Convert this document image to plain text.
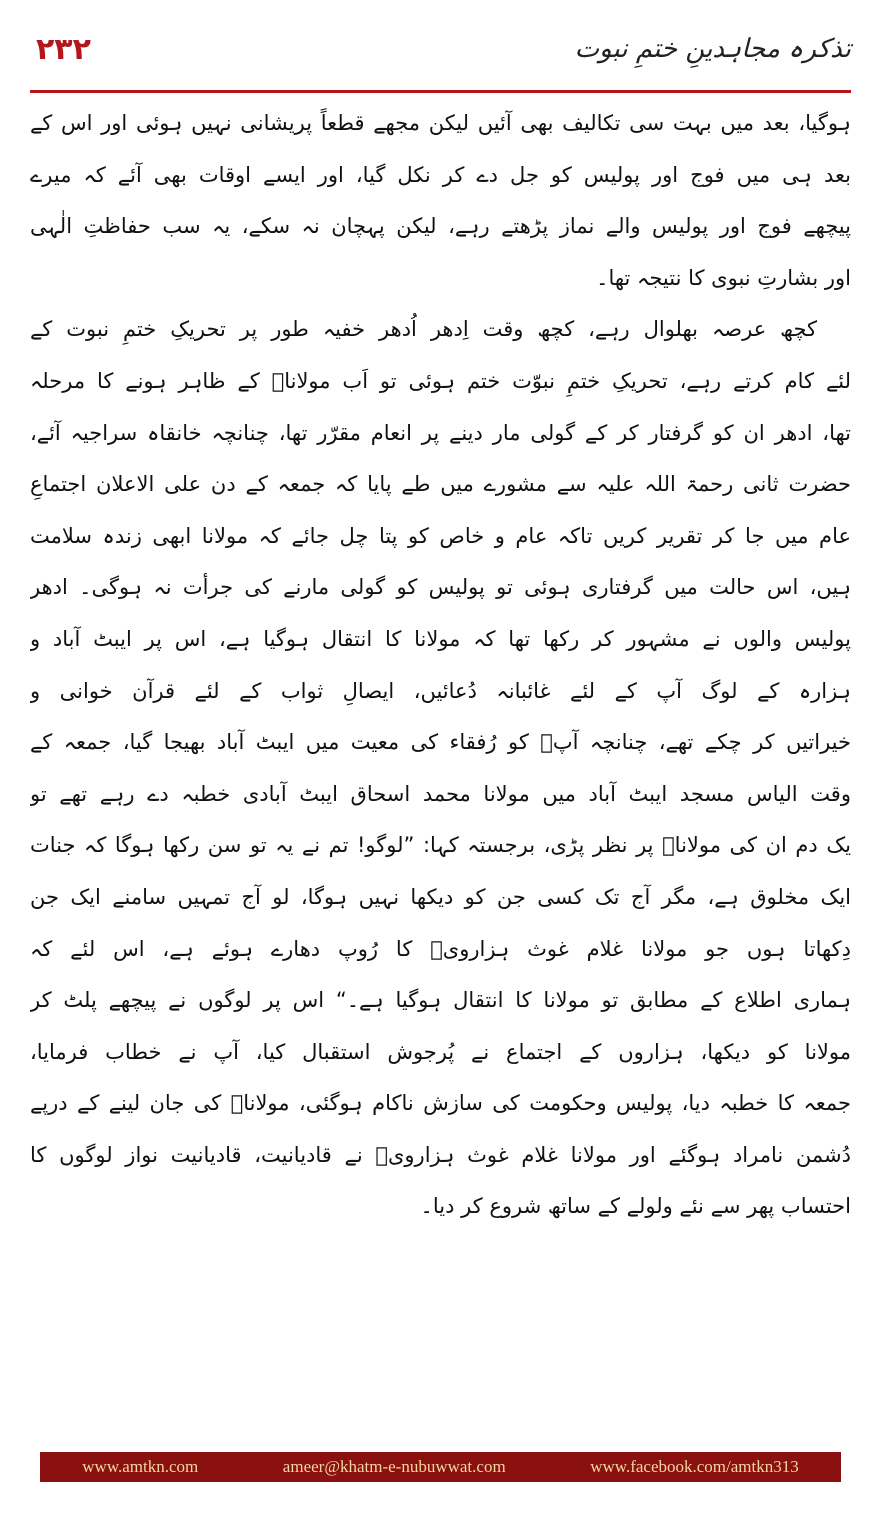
۲۳۲	تذکرہ مجاہدینِ ختمِ نبوت
ہوگیا، بعد میں بہت سی تکالیف بھی آئیں لیکن مجھے قطعاً پریشانی نہیں ہوئی اور اس کے
بعد ہی میں فوج اور پولیس کو جل دے کر نکل گیا، اور ایسے اوقات بھی آئے کہ میرے
پیچھے فوج اور پولیس والے نماز پڑھتے رہے، لیکن پہچان نہ سکے، یہ سب حفاظتِ الٰہی
اور بشارتِ نبوی کا نتیجہ تھا۔
کچھ عرصہ بھلوال رہے، کچھ وقت اِدھر اُدھر خفیہ طور پر تحریکِ ختمِ نبوت کے
لئے کام کرتے رہے، تحریکِ ختمِ نبوّت ختم ہوئی تو اَب مولاناؒ کے ظاہر ہونے کا مرحلہ
تھا، ادھر ان کو گرفتار کر کے گولی مار دینے پر انعام مقرّر تھا، چنانچہ خانقاہ سراجیہ آئے،
حضرت ثانی رحمۃ اللہ علیہ سے مشورے میں طے پایا کہ جمعہ کے دن علی الاعلان اجتماعِ
عام میں جا کر تقریر کریں تاکہ عام و خاص کو پتا چل جائے کہ مولانا ابھی زندہ سلامت
ہیں، اس حالت میں گرفتاری ہوئی تو پولیس کو گولی مارنے کی جرأت نہ ہوگی۔ ادھر
پولیس والوں نے مشہور کر رکھا تھا کہ مولانا کا انتقال ہوگیا ہے، اس پر ایبٹ آباد و
ہزارہ کے لوگ آپ کے لئے غائبانہ دُعائیں، ایصالِ ثواب کے لئے قرآن خوانی و
خیراتیں کر چکے تھے، چنانچہ آپؒ کو رُفقاء کی معیت میں ایبٹ آباد بھیجا گیا، جمعہ کے
وقت الیاس مسجد ایبٹ آباد میں مولانا محمد اسحاق ایبٹ آبادی خطبہ دے رہے تھے تو
یک دم ان کی مولاناؒ پر نظر پڑی، برجستہ کہا: ”لوگو! تم نے یہ تو سن رکھا ہوگا کہ جنات
ایک مخلوق ہے، مگر آج تک کسی جن کو دیکھا نہیں ہوگا، لو آج تمہیں سامنے ایک جن
دِکھاتا ہوں جو مولانا غلام غوث ہزارویؒ کا رُوپ دھارے ہوئے ہے، اس لئے کہ
ہماری اطلاع کے مطابق تو مولانا کا انتقال ہوگیا ہے۔“ اس پر لوگوں نے پیچھے پلٹ کر
مولانا کو دیکھا، ہزاروں کے اجتماع نے پُرجوش استقبال کیا، آپ نے خطاب فرمایا،
جمعہ کا خطبہ دیا، پولیس وحکومت کی سازش ناکام ہوگئی، مولاناؒ کی جان لینے کے درپے
دُشمن نامراد ہوگئے اور مولانا غلام غوث ہزارویؒ نے قادیانیت، قادیانیت نواز لوگوں کا
احتساب پھر سے نئے ولولے کے ساتھ شروع کر دیا۔
www.amtkn.com	ameer@khatm-e-nubuwwat.com	www.facebook.com/amtkn313
